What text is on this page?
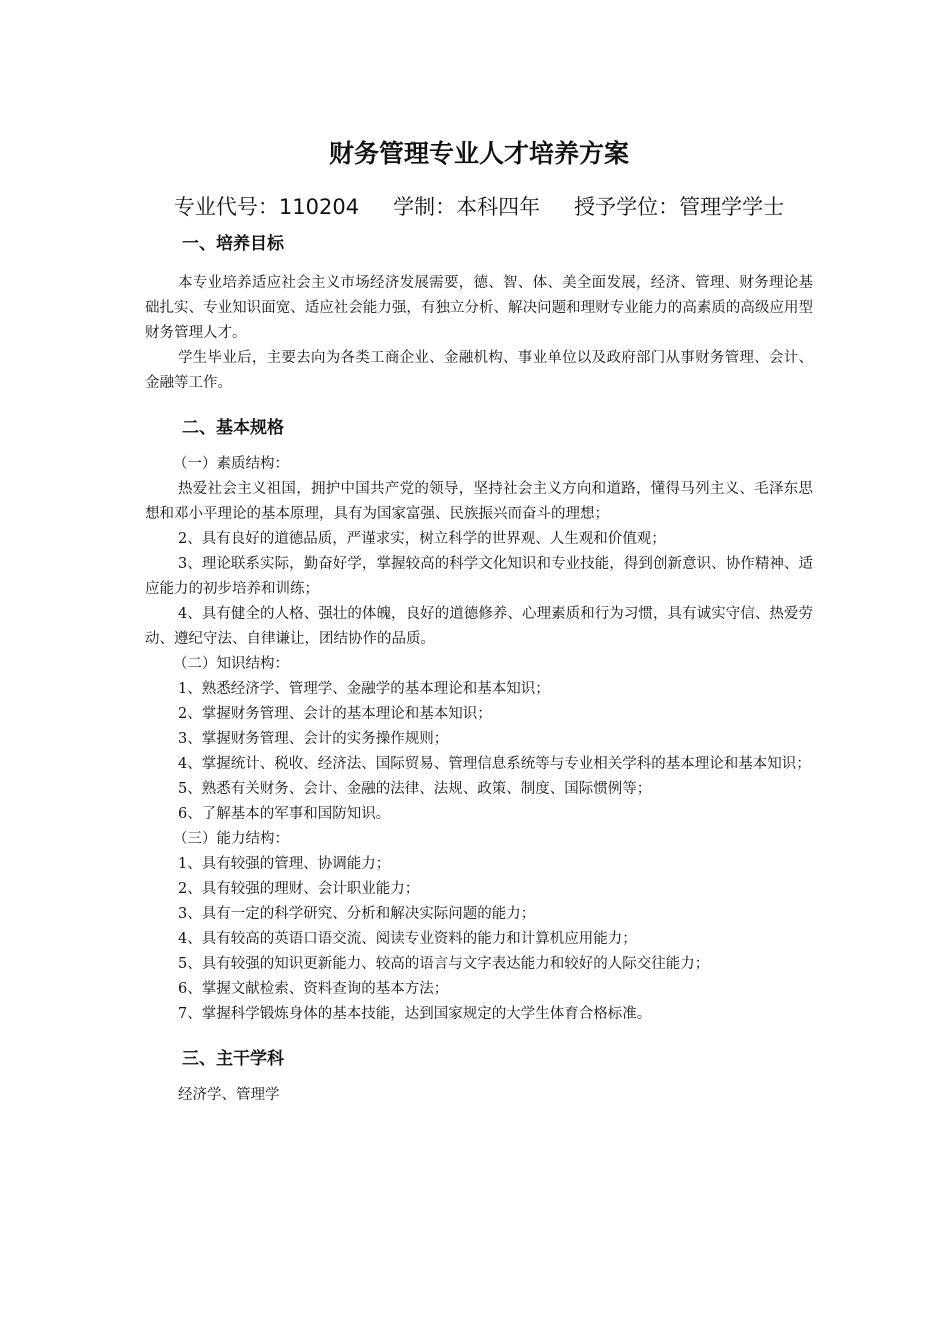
财务管理专业人才培养方案
专业代号：110204 学制：本科四年 授予学位：管理学学士
一、培养目标

本专业培养适应社会主义市场经济发展需要，德、智、体、美全面发展，经济、管理、财务理论基础扎实、专业知识面宽、适应社会能力强，有独立分析、解决问题和理财专业能力的高素质的高级应用型财务管理人才。

学生毕业后，主要去向为各类工商企业、金融机构、事业单位以及政府部门从事财务管理、会计、金融等工作。

二、基本规格
（一）素质结构：

热爱社会主义祖国，拥护中国共产党的领导，坚持社会主义方向和道路，懂得马列主义、毛泽东思想和邓小平理论的基本原理，具有为国家富强、民族振兴而奋斗的理想；

2、具有良好的道德品质，严谨求实，树立科学的世界观、人生观和价值观；

3、理论联系实际，勤奋好学，掌握较高的科学文化知识和专业技能，得到创新意识、协作精神、适应能力的初步培养和训练；

4、具有健全的人格、强壮的体魄，良好的道德修养、心理素质和行为习惯，具有诚实守信、热爱劳动、遵纪守法、自律谦让，团结协作的品质。

（二）知识结构：
1、熟悉经济学、管理学、金融学的基本理论和基本知识；
2、掌握财务管理、会计的基本理论和基本知识；
3、掌握财务管理、会计的实务操作规则；

4、掌握统计、税收、经济法、国际贸易、管理信息系统等与专业相关学科的基本理论和基本知识；

5、熟悉有关财务、会计、金融的法律、法规、政策、制度、国际惯例等；
6、了解基本的军事和国防知识。
（三）能力结构：
1、具有较强的管理、协调能力；
2、具有较强的理财、会计职业能力；
3、具有一定的科学研究、分析和解决实际问题的能力；
4、具有较高的英语口语交流、阅读专业资料的能力和计算机应用能力；
5、具有较强的知识更新能力、较高的语言与文字表达能力和较好的人际交往能力；
6、掌握文献检索、资料查询的基本方法；
7、掌握科学锻炼身体的基本技能，达到国家规定的大学生体育合格标准。
三、主干学科
经济学、管理学
